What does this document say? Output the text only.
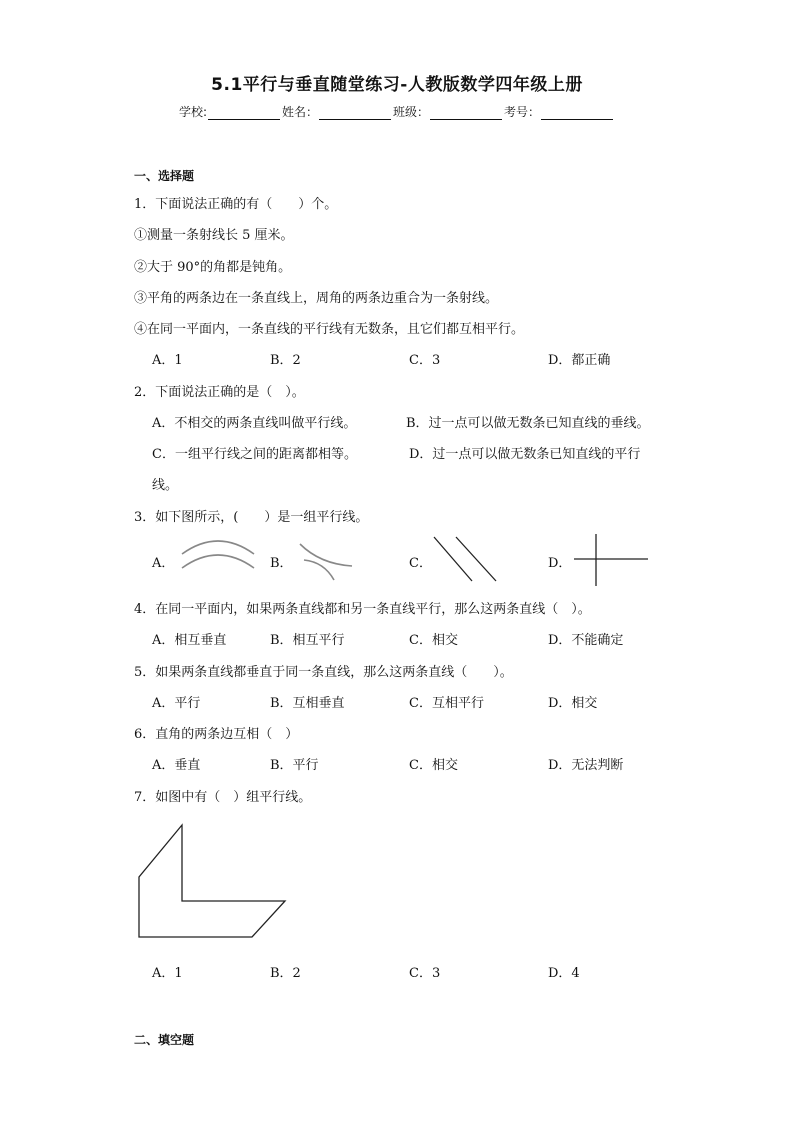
5.1平行与垂直随堂练习-人教版数学四年级上册
学校:	姓名：	班级：	考号：
一、选择题
1．下面说法正确的有（　　）个。
①测量一条射线长 5 厘米。
②大于 90°的角都是钝角。
③平角的两条边在一条直线上，周角的两条边重合为一条射线。
④在同一平面内，一条直线的平行线有无数条，且它们都互相平行。
A．1	B．2	C．3	D．都正确
2．下面说法正确的是（　）。
A．不相交的两条直线叫做平行线。	B．过一点可以做无数条已知直线的垂线。
C．一组平行线之间的距离都相等。	D．过一点可以做无数条已知直线的平行
线。
3．如下图所示，(　　）是一组平行线。
A．	B．	C．	D．
4．在同一平面内，如果两条直线都和另一条直线平行，那么这两条直线（　）。
A．相互垂直	B．相互平行	C．相交	D．不能确定
5．如果两条直线都垂直于同一条直线，那么这两条直线（　　）。
A．平行	B．互相垂直	C．互相平行	D．相交
6．直角的两条边互相（　）
A．垂直	B．平行	C．相交	D．无法判断
7．如图中有（　）组平行线。
A．1	B．2	C．3	D．4
二、填空题
